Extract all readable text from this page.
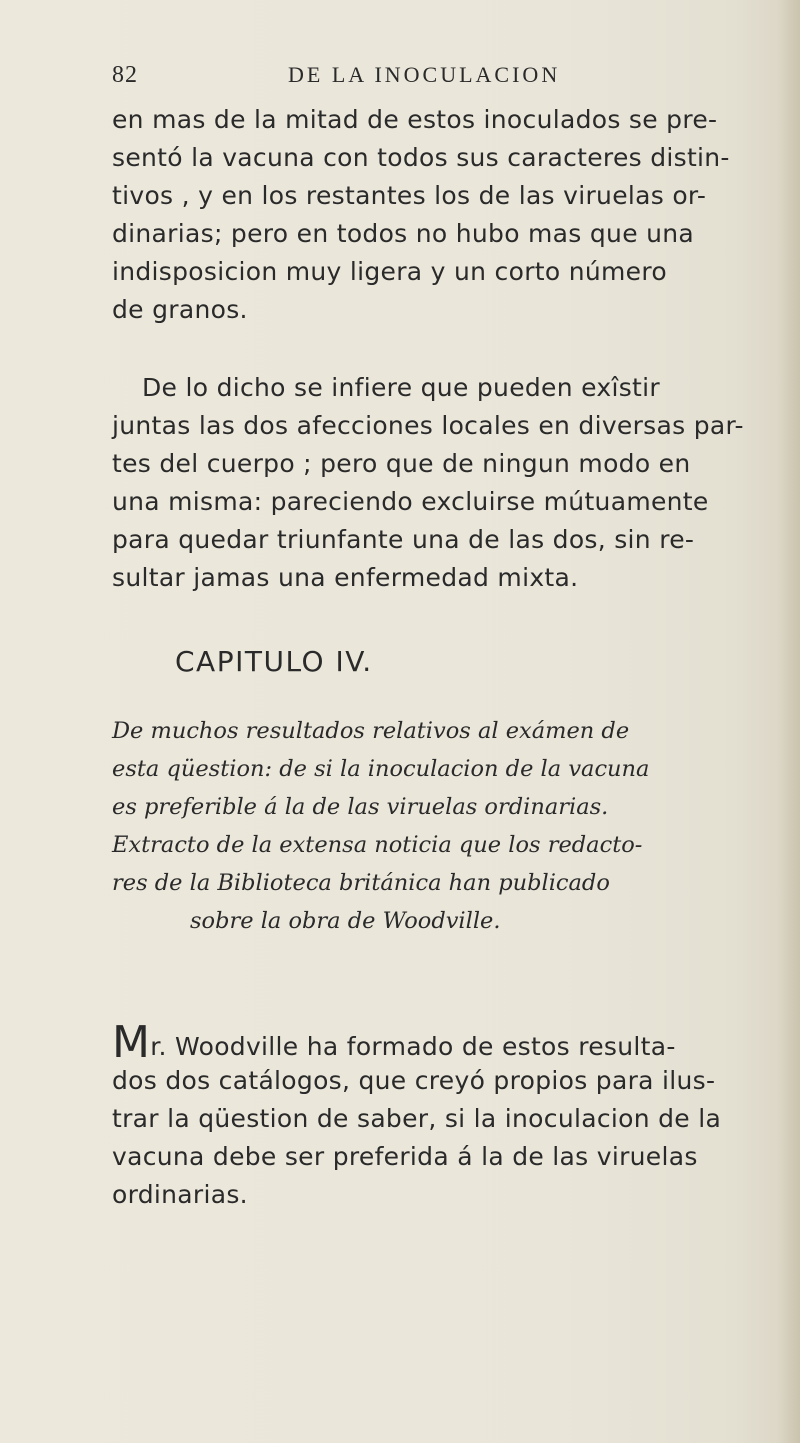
82	DE LA INOCULACION
en mas de la mitad de estos inoculados se pre-
sentó la vacuna con todos sus caracteres distin-
tivos , y en los restantes los de las viruelas or-
dinarias; pero en todos no hubo mas que una
indisposicion muy ligera y un corto número
de granos.
De lo dicho se infiere que pueden exîstir
juntas las dos afecciones locales en diversas par-
tes del cuerpo ; pero que de ningun modo en
una misma: pareciendo excluirse mútuamente
para quedar triunfante una de las dos, sin re-
sultar jamas una enfermedad mixta.
CAPITULO IV.
De muchos resultados relativos al exámen de
esta qüestion: de si la inoculacion de la vacuna
es preferible á la de las viruelas ordinarias.
Extracto de la extensa noticia que los redacto-
res de la Biblioteca británica han publicado
sobre la obra de Woodville.
Mr. Woodville ha formado de estos resulta-
dos dos catálogos, que creyó propios para ilus-
trar la qüestion de saber, si la inoculacion de la
vacuna debe ser preferida á la de las viruelas
ordinarias.
